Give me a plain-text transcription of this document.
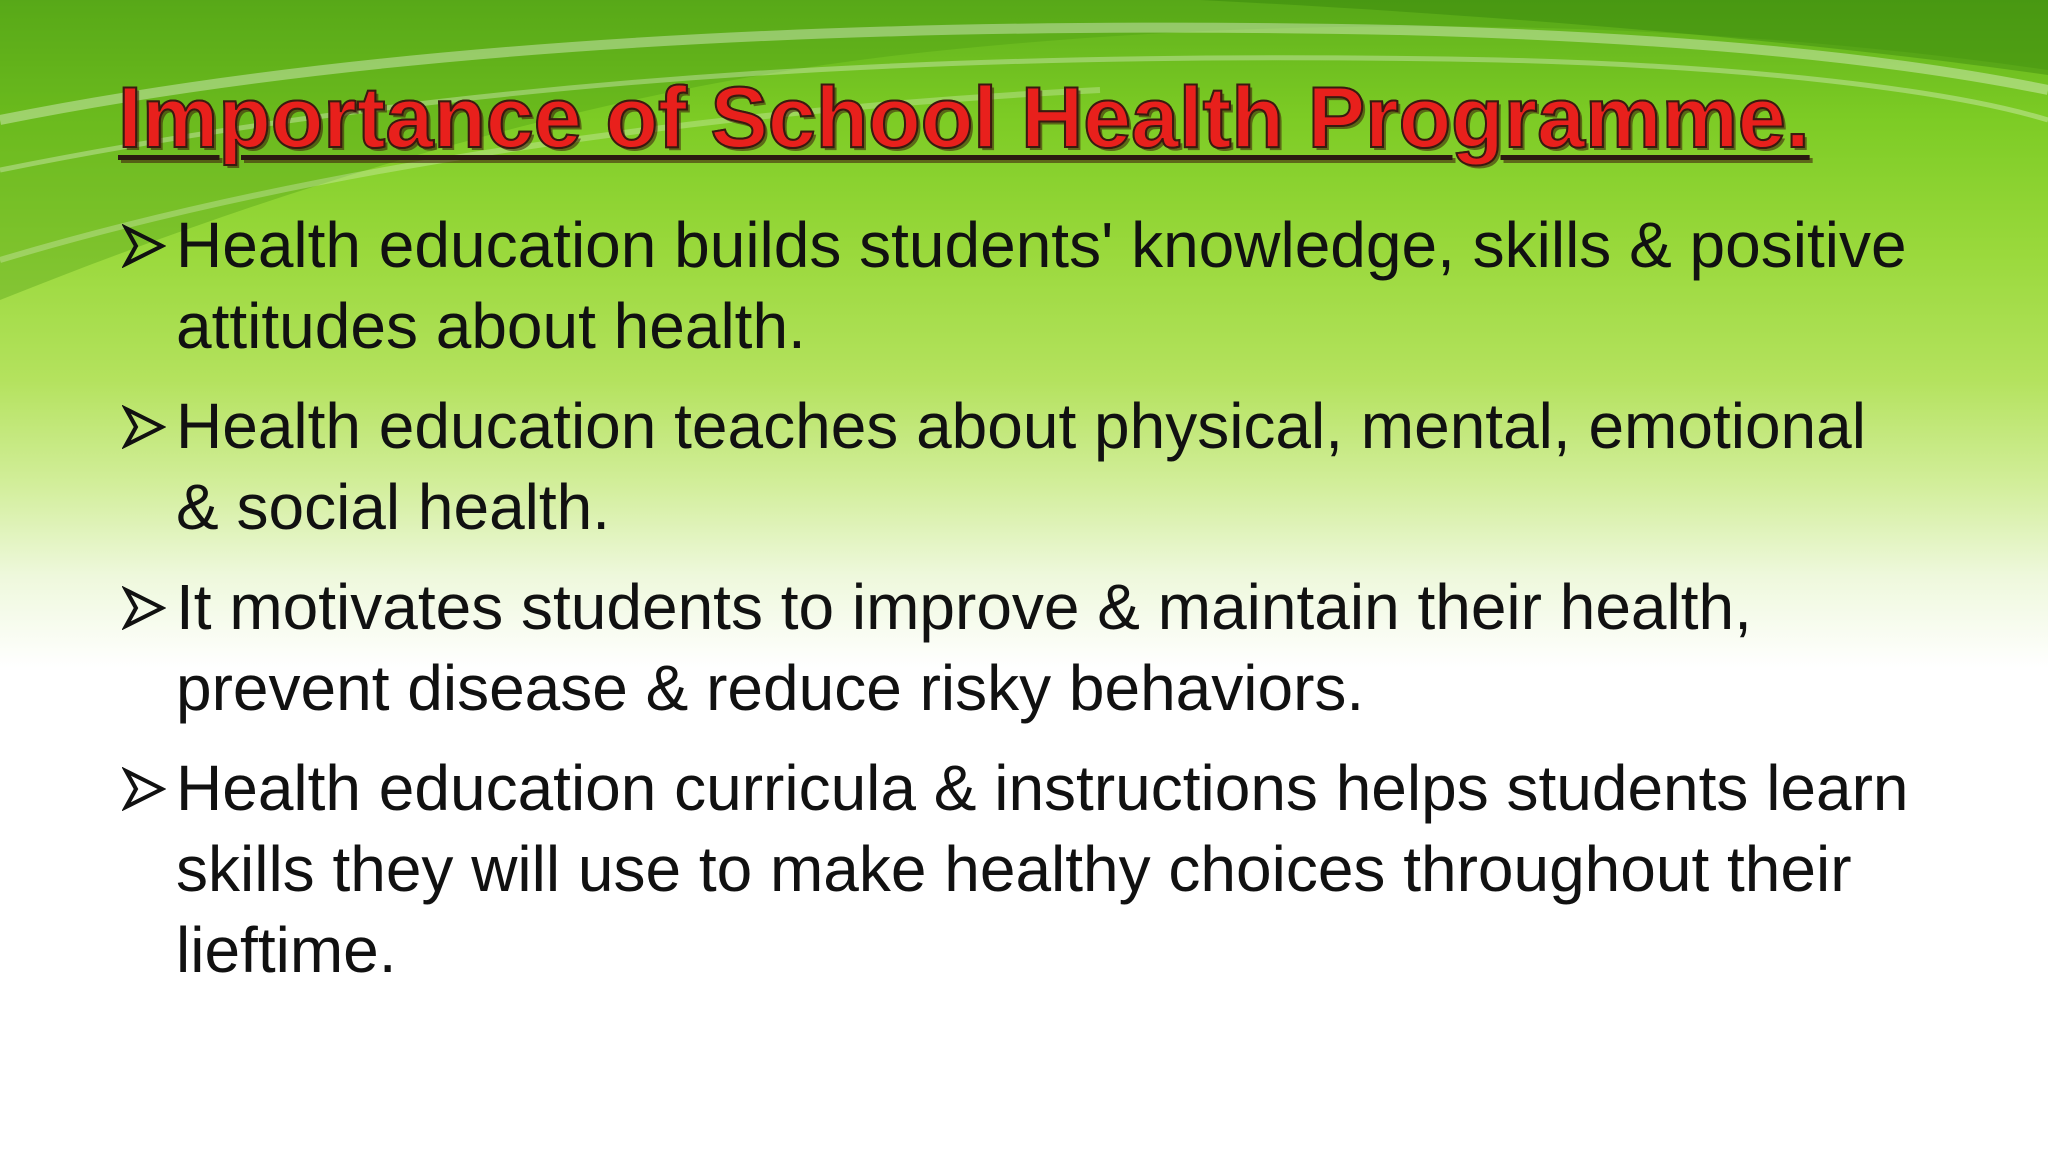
Importance of School Health Programme.
Health education builds students' knowledge, skills & positive attitudes about health.
Health education teaches about physical, mental, emotional & social health.
It motivates students to improve & maintain their health, prevent disease & reduce risky behaviors.
Health education curricula & instructions helps students learn skills they will use to make healthy choices throughout their lieftime.
